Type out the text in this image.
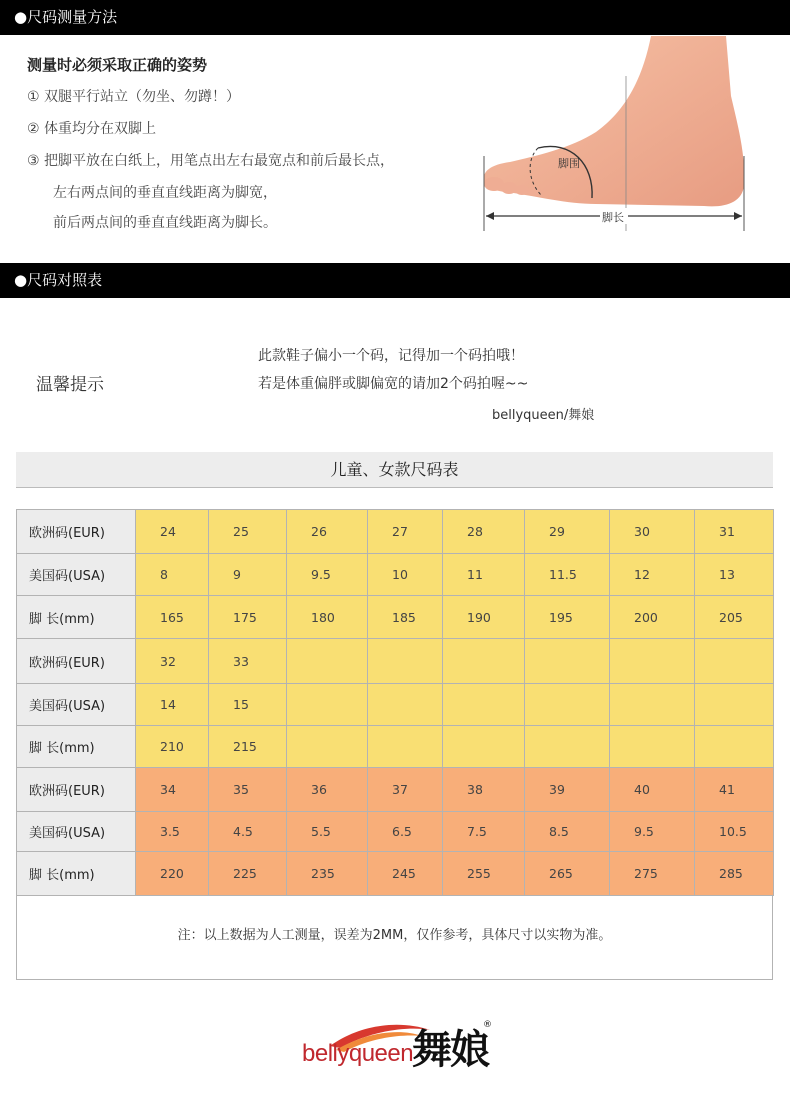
●尺码测量方法
测量时必须采取正确的姿势
① 双腿平行站立（勿坐、勿蹲！）
② 体重均分在双脚上
③ 把脚平放在白纸上，用笔点出左右最宽点和前后最长点，
左右两点间的垂直直线距离为脚宽，
前后两点间的垂直直线距离为脚长。	脚长
脚围
●尺码对照表
温馨提示
此款鞋子偏小一个码，记得加一个码拍哦！
若是体重偏胖或脚偏宽的请加2个码拍喔~~
bellyqueen/舞娘
儿童、女款尺码表
欧洲码(EUR)	24	25	26	27	28	29	30	31
美国码(USA)	8	9	9.5	10	11	11.5	12	13
脚 长(mm)	165	175	180	185	190	195	200	205
欧洲码(EUR)	32	33						
美国码(USA)	14	15						
脚 长(mm)	210	215						
欧洲码(EUR)	34	35	36	37	38	39	40	41
美国码(USA)	3.5	4.5	5.5	6.5	7.5	8.5	9.5	10.5
脚 长(mm)	220	225	235	245	255	265	275	285
注：以上数据为人工测量，误差为2MM，仅作参考，具体尺寸以实物为准。
bellyqueen
舞娘
®
